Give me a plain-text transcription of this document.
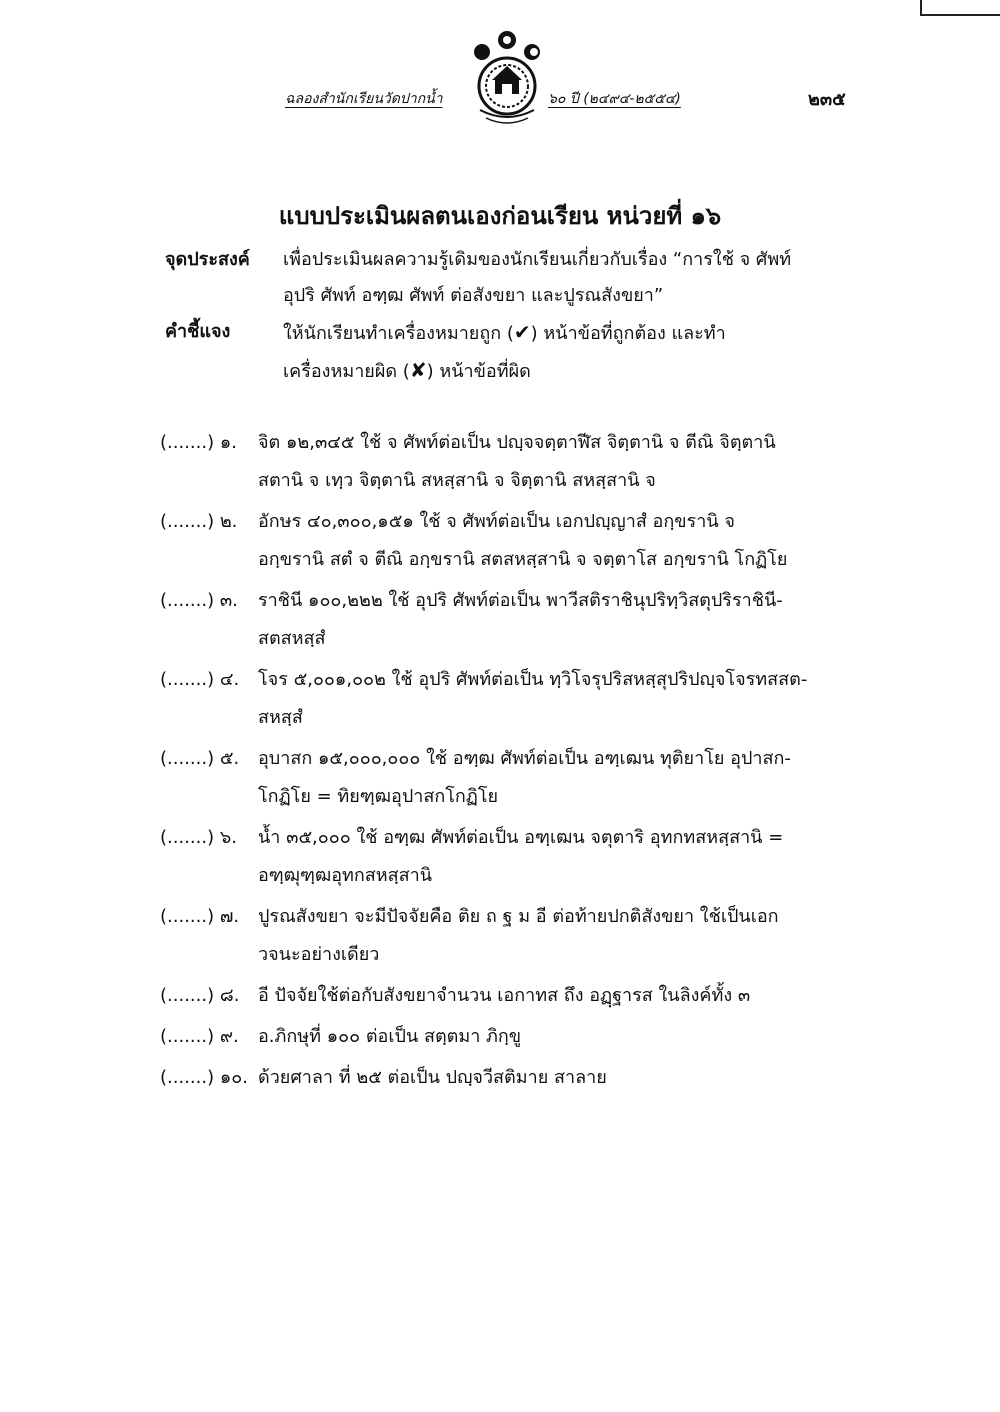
ฉลองสำนักเรียนวัดปากน้ำ	๖๐ ปี (๒๔๙๔-๒๕๕๔)	๒๓๕
แบบประเมินผลตนเองก่อนเรียน หน่วยที่ ๑๖
จุดประสงค์	เพื่อประเมินผลความรู้เดิมของนักเรียนเกี่ยวกับเรื่อง “การใช้ จ ศัพท์
อุปริ ศัพท์ อฑฺฒ ศัพท์ ต่อสังขยา และปูรณสังขยา”
คำชี้แจง	ให้นักเรียนทำเครื่องหมายถูก (✔) หน้าข้อที่ถูกต้อง และทำ
เครื่องหมายผิด (✘) หน้าข้อที่ผิด
(.......) ๑.	จิต ๑๒,๓๔๕ ใช้ จ ศัพท์ต่อเป็น ปญฺจจตฺตาฬีส จิตฺตานิ จ ตีณิ จิตฺตานิ
สตานิ จ เทฺว จิตฺตานิ สหสฺสานิ จ จิตฺตานิ สหสฺสานิ จ
(.......) ๒.	อักษร ๔๐,๓๐๐,๑๕๑ ใช้ จ ศัพท์ต่อเป็น เอกปญฺญาสํ อกฺขรานิ จ
อกฺขรานิ สตํ จ ตีณิ อกฺขรานิ สตสหสฺสานิ จ จตฺตาโส อกฺขรานิ โกฏิโย
(.......) ๓.	ราชินี ๑๐๐,๒๒๒ ใช้ อุปริ ศัพท์ต่อเป็น พาวีสติราชินุปริทฺวิสตุปริราชินี-
สตสหสฺสํ
(.......) ๔.	โจร ๕,๐๐๑,๐๐๒ ใช้ อุปริ ศัพท์ต่อเป็น ทฺวิโจรุปริสหสฺสุปริปญฺจโจรทสสต-
สหสฺสํ
(.......) ๕.	อุบาสก ๑๕,๐๐๐,๐๐๐ ใช้ อฑฺฒ ศัพท์ต่อเป็น อฑฺเฒน ทุติยาโย อุปาสก-
โกฏิโย = ทิยฑฺฒอุปาสกโกฏิโย
(.......) ๖.	น้ำ ๓๕,๐๐๐ ใช้ อฑฺฒ ศัพท์ต่อเป็น อฑฺเฒน จตุตาริ อุทกทสหสฺสานิ =
อฑฺฒุฑฺฒอุทกสหสฺสานิ
(.......) ๗.	ปูรณสังขยา จะมีปัจจัยคือ ติย ถ ฐ ม อี ต่อท้ายปกติสังขยา ใช้เป็นเอก
วจนะอย่างเดียว
(.......) ๘.	อี ปัจจัยใช้ต่อกับสังขยาจำนวน เอกาทส ถึง อฏฺฐารส ในลิงค์ทั้ง ๓
(.......) ๙.	อ.ภิกษุที่ ๑๐๐ ต่อเป็น สตฺตมา ภิกฺขู
(.......) ๑๐. ด้วยศาลา ที่ ๒๕ ต่อเป็น ปญฺจวีสติมาย สาลาย
